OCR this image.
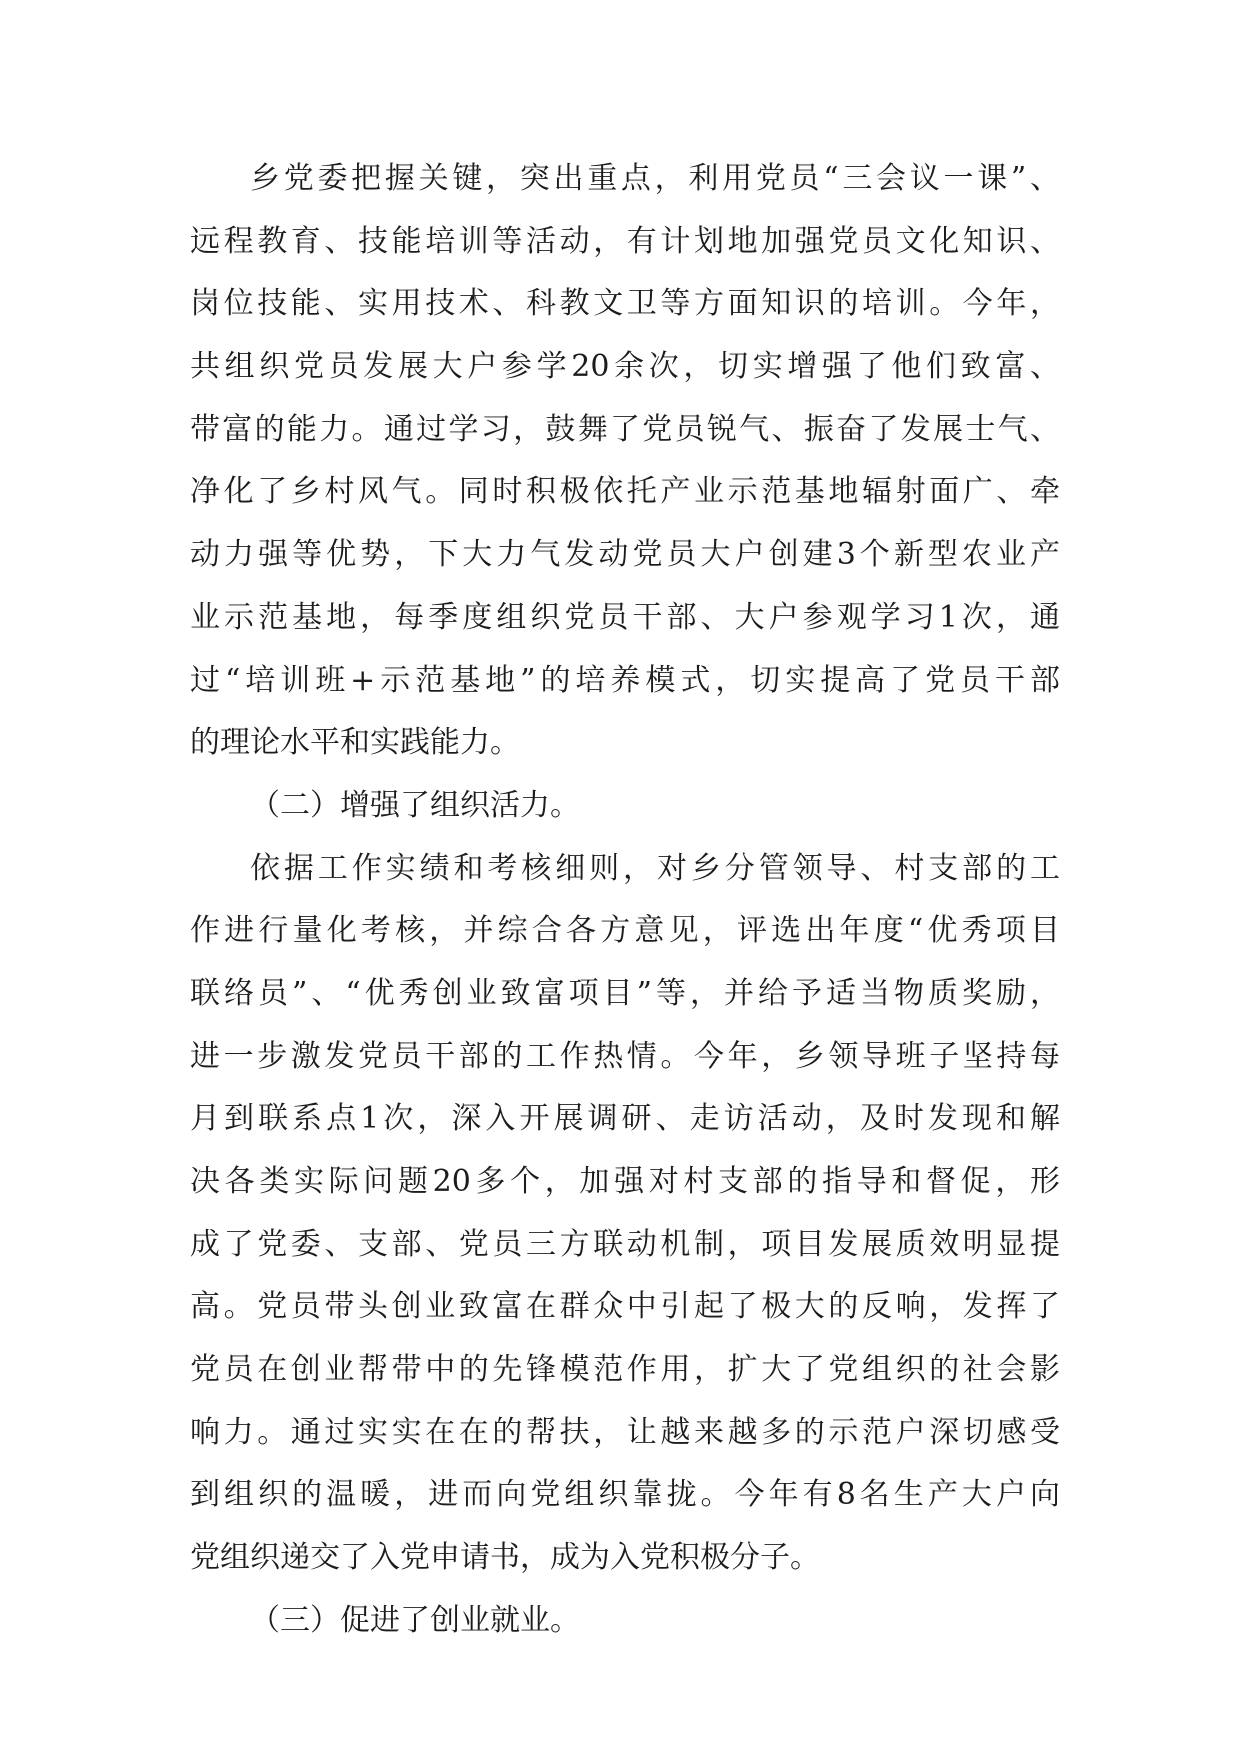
乡党委把握关键，突出重点，利用党员“三会议一课”、
远程教育、技能培训等活动，有计划地加强党员文化知识、
岗位技能、实用技术、科教文卫等方面知识的培训。今年，
共组织党员发展大户参学20余次，切实增强了他们致富、
带富的能力。通过学习，鼓舞了党员锐气、振奋了发展士气、
净化了乡村风气。同时积极依托产业示范基地辐射面广、牵
动力强等优势，下大力气发动党员大户创建3个新型农业产
业示范基地，每季度组织党员干部、大户参观学习1次，通
过“培训班+示范基地”的培养模式，切实提高了党员干部
的理论水平和实践能力。
（二）增强了组织活力。
依据工作实绩和考核细则，对乡分管领导、村支部的工
作进行量化考核，并综合各方意见，评选出年度“优秀项目
联络员”、“优秀创业致富项目”等，并给予适当物质奖励，
进一步激发党员干部的工作热情。今年，乡领导班子坚持每
月到联系点1次，深入开展调研、走访活动，及时发现和解
决各类实际问题20多个，加强对村支部的指导和督促，形
成了党委、支部、党员三方联动机制，项目发展质效明显提
高。党员带头创业致富在群众中引起了极大的反响，发挥了
党员在创业帮带中的先锋模范作用，扩大了党组织的社会影
响力。通过实实在在的帮扶，让越来越多的示范户深切感受
到组织的温暖，进而向党组织靠拢。今年有8名生产大户向
党组织递交了入党申请书，成为入党积极分子。
（三）促进了创业就业。
